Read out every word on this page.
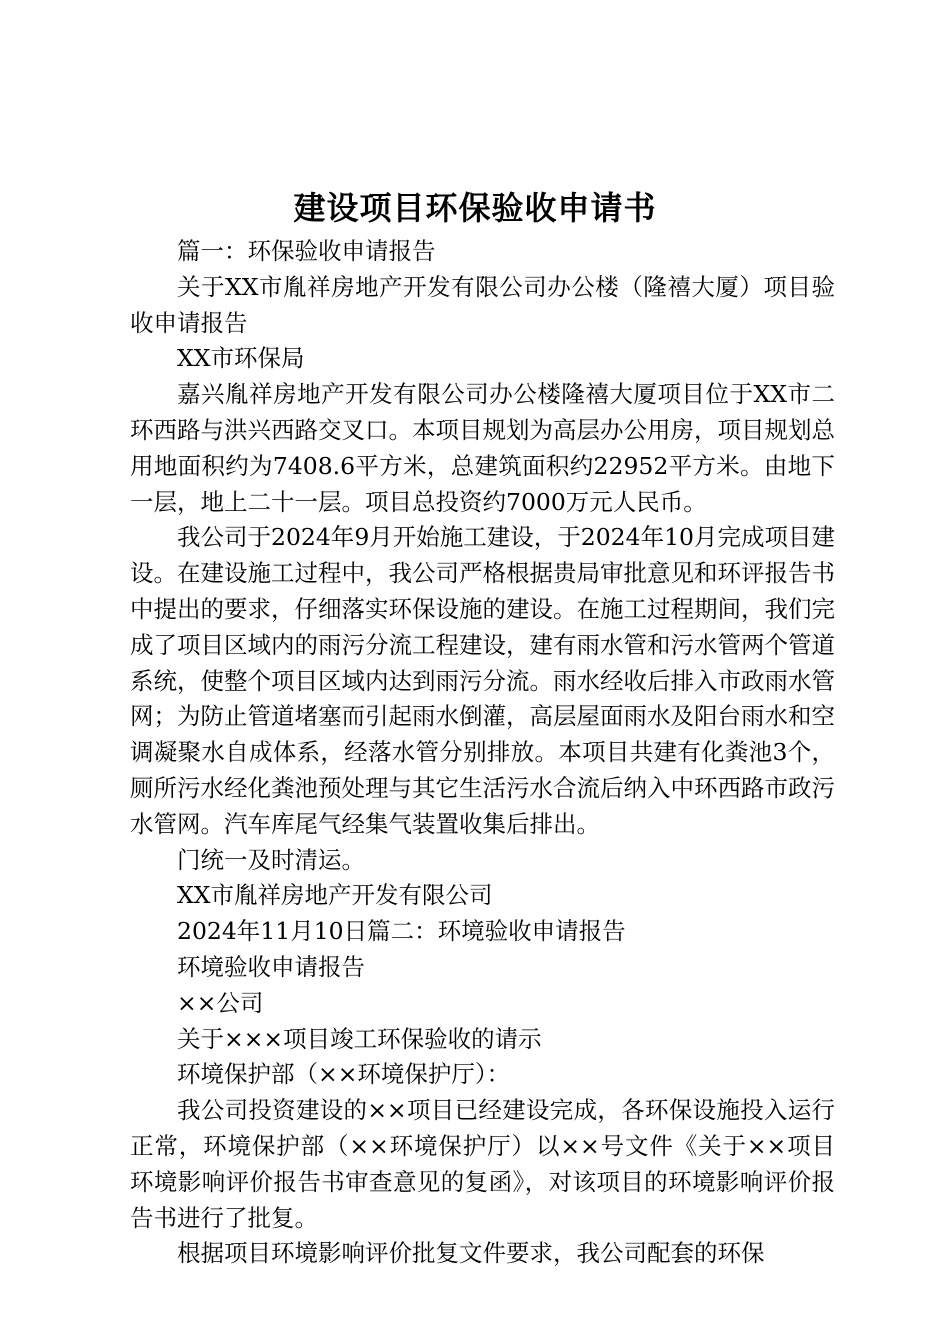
建设项目环保验收申请书

篇一：环保验收申请报告

关于XX市胤祥房地产开发有限公司办公楼（隆禧大厦）项目验收申请报告

XX市环保局

嘉兴胤祥房地产开发有限公司办公楼隆禧大厦项目位于XX市二环西路与洪兴西路交叉口。本项目规划为高层办公用房，项目规划总用地面积约为7408.6平方米，总建筑面积约22952平方米。由地下一层，地上二十一层。项目总投资约7000万元人民币。

我公司于2024年9月开始施工建设，于2024年10月完成项目建设。在建设施工过程中，我公司严格根据贵局审批意见和环评报告书中提出的要求，仔细落实环保设施的建设。在施工过程期间，我们完成了项目区域内的雨污分流工程建设，建有雨水管和污水管两个管道系统，使整个项目区域内达到雨污分流。雨水经收后排入市政雨水管网；为防止管道堵塞而引起雨水倒灌，高层屋面雨水及阳台雨水和空调凝聚水自成体系，经落水管分别排放。本项目共建有化粪池3个，厕所污水经化粪池预处理与其它生活污水合流后纳入中环西路市政污水管网。汽车库尾气经集气装置收集后排出。

门统一及时清运。

XX市胤祥房地产开发有限公司

2024年11月10日篇二：环境验收申请报告

环境验收申请报告

××公司

关于×××项目竣工环保验收的请示

环境保护部（××环境保护厅）：

我公司投资建设的××项目已经建设完成，各环保设施投入运行正常，环境保护部（××环境保护厅）以××号文件《关于××项目环境影响评价报告书审查意见的复函》，对该项目的环境影响评价报告书进行了批复。

根据项目环境影响评价批复文件要求，我公司配套的环保
